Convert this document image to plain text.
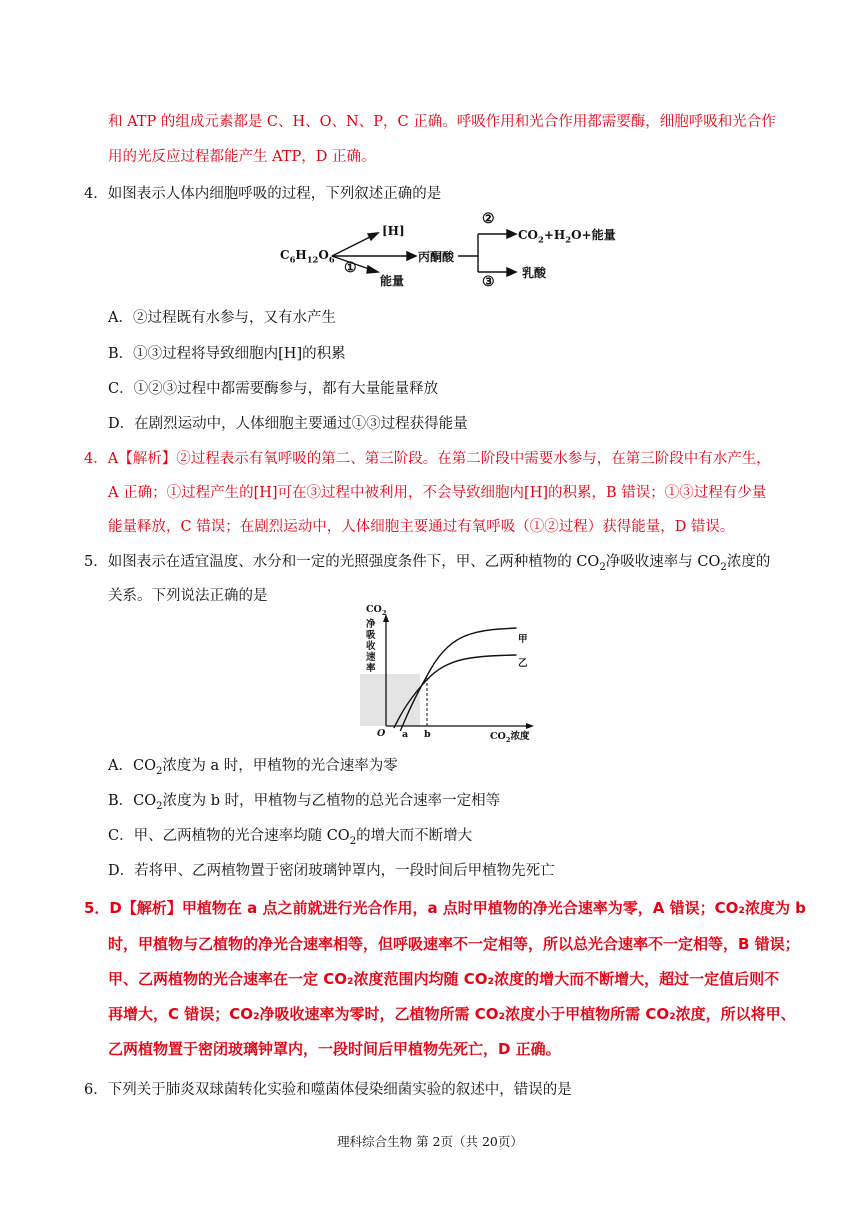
和 ATP 的组成元素都是 C、H、O、N、P，C 正确。呼吸作用和光合作用都需要酶，细胞呼吸和光合作
用的光反应过程都能产生 ATP，D 正确。
4．如图表示人体内细胞呼吸的过程，下列叙述正确的是
$C_6H_{12}O_6$
[H]
①
能量
丙酮酸
②
③
$CO_2+H_2O+$能量
乳酸
A．②过程既有水参与，又有水产生
B．①③过程将导致细胞内[H]的积累
C．①②③过程中都需要酶参与，都有大量能量释放
D．在剧烈运动中，人体细胞主要通过①③过程获得能量
4．A【解析】②过程表示有氧呼吸的第二、第三阶段。在第二阶段中需要水参与，在第三阶段中有水产生，
A 正确；①过程产生的[H]可在③过程中被利用，不会导致细胞内[H]的积累，B 错误；①③过程有少量
能量释放，C 错误；在剧烈运动中，人体细胞主要通过有氧呼吸（①②过程）获得能量，D 错误。
5．如图表示在适宜温度、水分和一定的光照强度条件下，甲、乙两种植物的 $CO_2$净吸收速率与 $CO_2$浓度的
关系。下列说法正确的是
$CO_2$
净
吸
收
速
率
O a b	$CO_2$浓度
甲
乙
A．$CO_2$浓度为 a 时，甲植物的光合速率为零
B．$CO_2$浓度为 b 时，甲植物与乙植物的总光合速率一定相等
C．甲、乙两植物的光合速率均随 $CO_2$的增大而不断增大
D．若将甲、乙两植物置于密闭玻璃钟罩内，一段时间后甲植物先死亡
5．D【解析】甲植物在 a 点之前就进行光合作用，a 点时甲植物的净光合速率为零，A 错误；CO₂浓度为 b
时，甲植物与乙植物的净光合速率相等，但呼吸速率不一定相等，所以总光合速率不一定相等，B 错误；
甲、乙两植物的光合速率在一定 CO₂浓度范围内均随 CO₂浓度的增大而不断增大，超过一定值后则不
再增大，C 错误；CO₂净吸收速率为零时，乙植物所需 CO₂浓度小于甲植物所需 CO₂浓度，所以将甲、
乙两植物置于密闭玻璃钟罩内，一段时间后甲植物先死亡，D 正确。
6．下列关于肺炎双球菌转化实验和噬菌体侵染细菌实验的叙述中，错误的是
理科综合生物 第 2页（共 20页）
